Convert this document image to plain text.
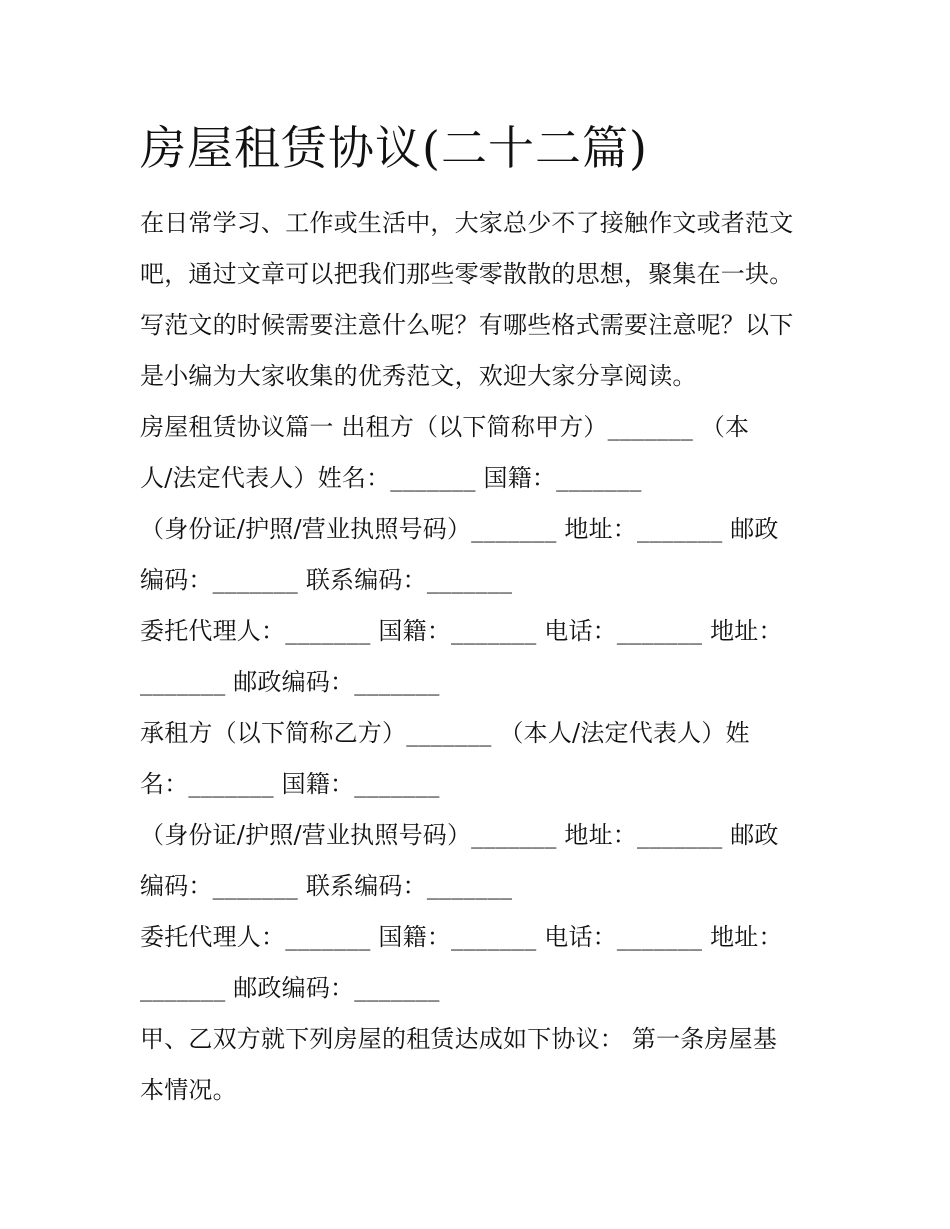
房屋租赁协议(二十二篇)
在日常学习、工作或生活中，大家总少不了接触作文或者范文
吧，通过文章可以把我们那些零零散散的思想，聚集在一块。
写范文的时候需要注意什么呢？有哪些格式需要注意呢？以下
是小编为大家收集的优秀范文，欢迎大家分享阅读。
房屋租赁协议篇一 出租方（以下简称甲方）_______ （本
人/法定代表人）姓名：_______ 国籍：_______
（身份证/护照/营业执照号码）_______ 地址：_______ 邮政
编码：_______ 联系编码：_______
委托代理人：_______ 国籍：_______ 电话：_______ 地址：
_______ 邮政编码：_______
承租方（以下简称乙方）_______ （本人/法定代表人）姓
名：_______ 国籍：_______
（身份证/护照/营业执照号码）_______ 地址：_______ 邮政
编码：_______ 联系编码：_______
委托代理人：_______ 国籍：_______ 电话：_______ 地址：
_______ 邮政编码：_______
甲、乙双方就下列房屋的租赁达成如下协议： 第一条房屋基
本情况。
